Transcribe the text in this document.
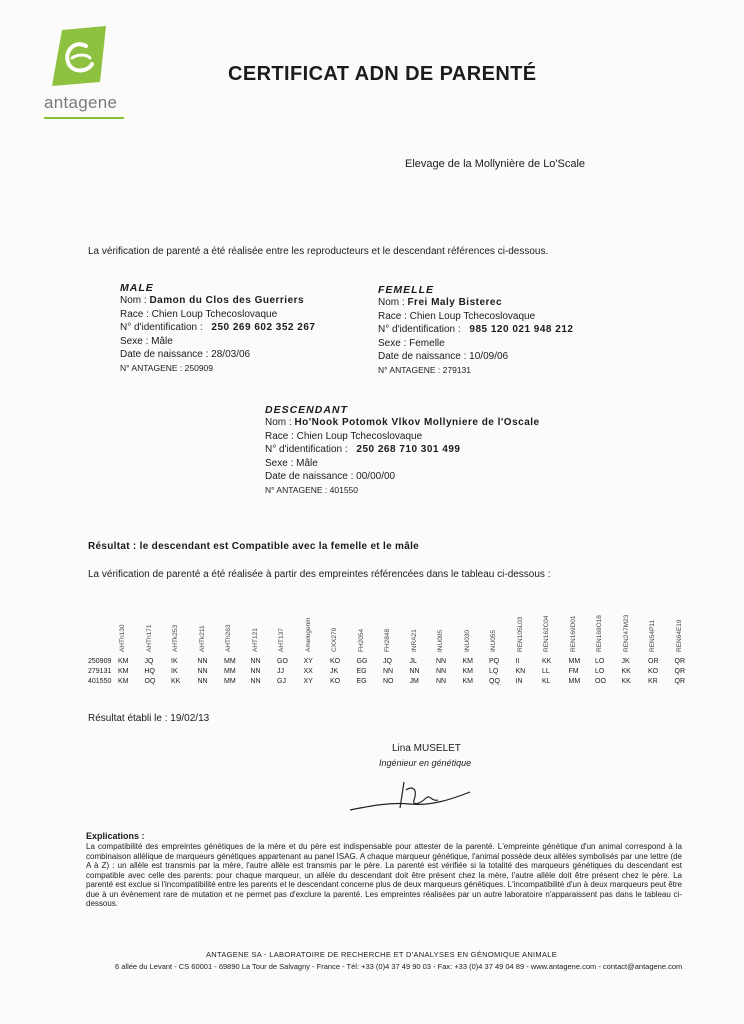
antagene
CERTIFICAT ADN DE PARENTÉ
Elevage de la Mollynière de Lo'Scale
La vérification de parenté a été réalisée entre les reproducteurs et le descendant références ci-dessous.
MALE
Nom : Damon du Clos des Guerriers
Race : Chien Loup Tchecoslovaque
N° d'identification : 250 269 602 352 267
Sexe : Mâle
Date de naissance : 28/03/06
N° ANTAGENE : 250909
FEMELLE
Nom : Frei Maly Bisterec
Race : Chien Loup Tchecoslovaque
N° d'identification : 985 120 021 948 212
Sexe : Femelle
Date de naissance : 10/09/06
N° ANTAGENE : 279131
DESCENDANT
Nom : Ho'Nook Potomok Vlkov Mollyniere de l'Oscale
Race : Chien Loup Tchecoslovaque
N° d'identification : 250 268 710 301 499
Sexe : Mâle
Date de naissance : 00/00/00
N° ANTAGENE : 401550
Résultat : le descendant est Compatible avec la femelle et le mâle
La vérification de parenté a été réalisée à partir des empreintes référencées dans le tableau ci-dessous :
AHTh130	AHTh171	AHTk253	AHTk211	AHTh263	AHT121	AHT137	Amelogenin	CXX279	FH2054	FH2848	INRA21	INU005	INU030	INU055	REN105L03	REN162C04	REN169D01	REN169O18	REN247M23	REN54P11	REN64E19
250909 KM JQ	IK	NN MM NN GO XY KO GG JQ	JL	NN KM PQ II	KK MM LO JK	OR QR
279131 KM HQ IK	NN MM NN JJ	XX JK	EG NN NN NN KM LQ KN LL	FM LO KK KO QR
401550 KM OQ KK NN MM NN GJ	XY KO EG NO JM NN KM QQ IN	KL	MM OO KK KR QR
Résultat établi le : 19/02/13
Lina MUSELET
Ingénieur en génétique
Explications :
La compatibilité des empreintes génétiques de la mère et du père est indispensable pour attester de la parenté. L'empreinte génétique d'un animal correspond à la combinaison allélique de marqueurs génétiques appartenant au panel ISAG. A chaque marqueur génétique, l'animal possède deux allèles symbolisés par une lettre (de A à Z) : un allèle est transmis par la mère, l'autre allèle est transmis par le père. La parenté est vérifiée si la totalité des marqueurs génétiques du descendant est compatible avec celle des parents: pour chaque marqueur, un allèle du descendant doit être présent chez la mère, l'autre allèle doit être présent chez le père. La parenté est exclue si l'incompatibilité entre les parents et le descendant concerne plus de deux marqueurs génétiques. L'incompatibilité d'un à deux marqueurs peut être due à un évènement rare de mutation et ne permet pas d'exclure la parenté. Les empreintes réalisées par un autre laboratoire n'apparaissent pas dans le tableau ci-dessous.
ANTAGENE SA - LABORATOIRE DE RECHERCHE ET D'ANALYSES EN GÉNOMIQUE ANIMALE
6 allée du Levant - CS 60001 - 69890 La Tour de Salvagny - France - Tél: +33 (0)4 37 49 90 03 - Fax: +33 (0)4 37 49 04 89 - www.antagene.com - contact@antagene.com
